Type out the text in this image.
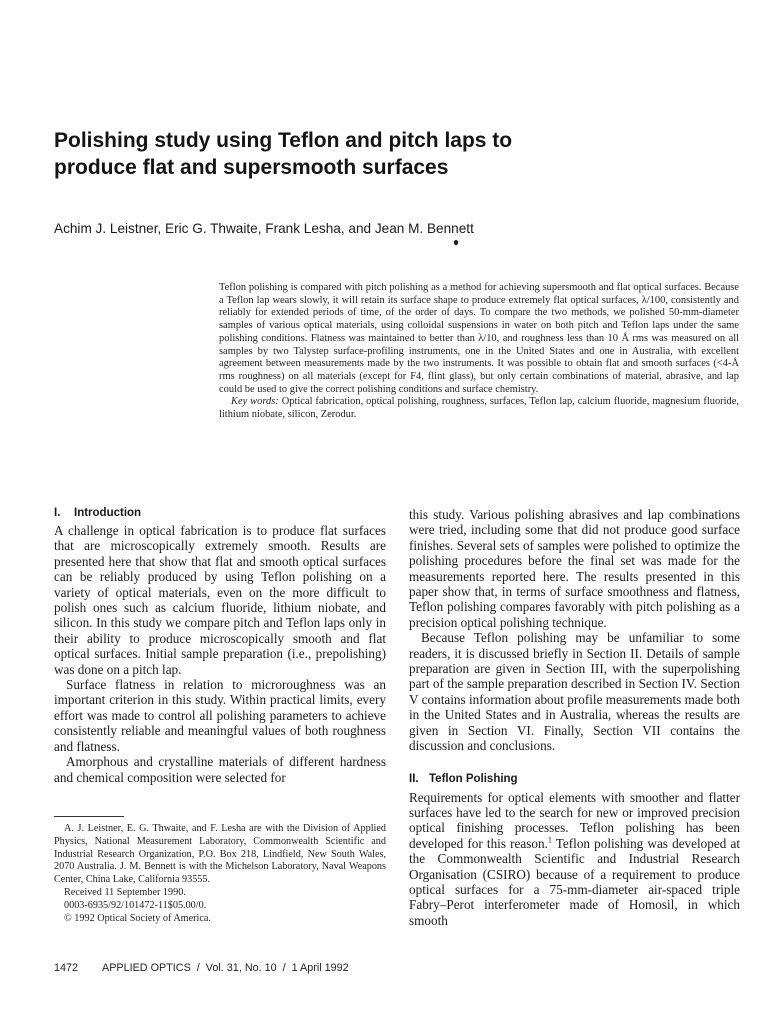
Polishing study using Teflon and pitch laps to
produce flat and supersmooth surfaces
Achim J. Leistner, Eric G. Thwaite, Frank Lesha, and Jean M. Bennett

Teflon polishing is compared with pitch polishing as a method for achieving supersmooth and flat optical surfaces. Because a Teflon lap wears slowly, it will retain its surface shape to produce extremely flat optical surfaces, λ/100, consistently and reliably for extended periods of time, of the order of days. To compare the two methods, we polished 50-mm-diameter samples of various optical materials, using colloidal suspensions in water on both pitch and Teflon laps under the same polishing conditions. Flatness was maintained to better than λ/10, and roughness less than 10 Å rms was measured on all samples by two Talystep surface-profiling instruments, one in the United States and one in Australia, with excellent agreement between measurements made by the two instruments. It was possible to obtain flat and smooth surfaces (<4-Å rms roughness) on all materials (except for F4, flint glass), but only certain combinations of material, abrasive, and lap could be used to give the correct polishing conditions and surface chemistry.

Key words: Optical fabrication, optical polishing, roughness, surfaces, Teflon lap, calcium fluoride, magnesium fluoride, lithium niobate, silicon, Zerodur.

I. Introduction

A challenge in optical fabrication is to produce flat surfaces that are microscopically extremely smooth. Results are presented here that show that flat and smooth optical surfaces can be reliably produced by using Teflon polishing on a variety of optical materials, even on the more difficult to polish ones such as calcium fluoride, lithium niobate, and silicon. In this study we compare pitch and Teflon laps only in their ability to produce microscopically smooth and flat optical surfaces. Initial sample preparation (i.e., prepolishing) was done on a pitch lap.

Surface flatness in relation to microroughness was an important criterion in this study. Within practical limits, every effort was made to control all polishing parameters to achieve consistently reliable and meaningful values of both roughness and flatness.

Amorphous and crystalline materials of different hardness and chemical composition were selected for

A. J. Leistner, E. G. Thwaite, and F. Lesha are with the Division of Applied Physics, National Measurement Laboratory, Commonwealth Scientific and Industrial Research Organization, P.O. Box 218, Lindfield, New South Wales, 2070 Australia. J. M. Bennett is with the Michelson Laboratory, Naval Weapons Center, China Lake, California 93555.

Received 11 September 1990.

0003-6935/92/101472-11$05.00/0.

© 1992 Optical Society of America.

this study. Various polishing abrasives and lap combinations were tried, including some that did not produce good surface finishes. Several sets of samples were polished to optimize the polishing procedures before the final set was made for the measurements reported here. The results presented in this paper show that, in terms of surface smoothness and flatness, Teflon polishing compares favorably with pitch polishing as a precision optical polishing technique.

Because Teflon polishing may be unfamiliar to some readers, it is discussed briefly in Section II. Details of sample preparation are given in Section III, with the superpolishing part of the sample preparation described in Section IV. Section V contains information about profile measurements made both in the United States and in Australia, whereas the results are given in Section VI. Finally, Section VII contains the discussion and conclusions.

II. Teflon Polishing

Requirements for optical elements with smoother and flatter surfaces have led to the search for new or improved precision optical finishing processes. Teflon polishing has been developed for this reason.$^1$ Teflon polishing was developed at the Commonwealth Scientific and Industrial Research Organisation (CSIRO) because of a requirement to produce optical surfaces for a 75-mm-diameter air-spaced triple Fabry–Perot interferometer made of Homosil, in which smooth

1472 APPLIED OPTICS  /  Vol. 31, No. 10  /  1 April 1992
